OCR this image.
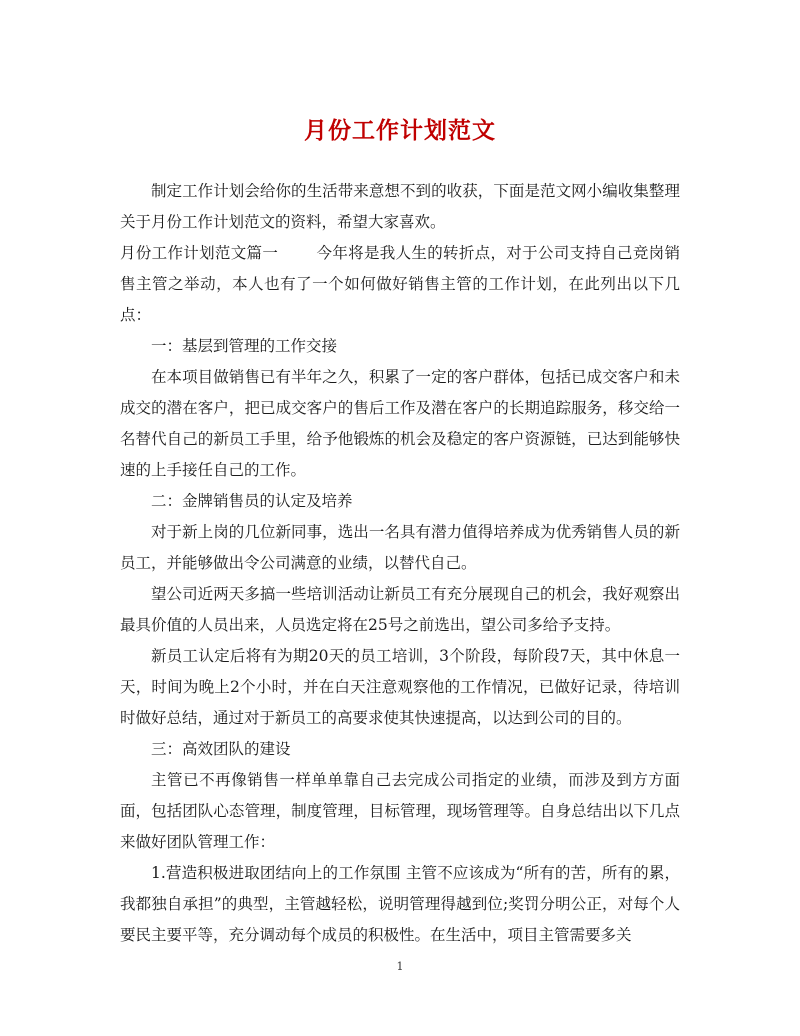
月份工作计划范文

制定工作计划会给你的生活带来意想不到的收获，下面是范文网小编收集整理关于月份工作计划范文的资料，希望大家喜欢。

月份工作计划范文篇一 今年将是我人生的转折点，对于公司支持自己竞岗销售主管之举动，本人也有了一个如何做好销售主管的工作计划，在此列出以下几点：

一：基层到管理的工作交接

在本项目做销售已有半年之久，积累了一定的客户群体，包括已成交客户和未成交的潜在客户，把已成交客户的售后工作及潜在客户的长期追踪服务，移交给一名替代自己的新员工手里，给予他锻炼的机会及稳定的客户资源链，已达到能够快速的上手接任自己的工作。

二：金牌销售员的认定及培养

对于新上岗的几位新同事，选出一名具有潜力值得培养成为优秀销售人员的新员工，并能够做出令公司满意的业绩，以替代自己。

望公司近两天多搞一些培训活动让新员工有充分展现自己的机会，我好观察出最具价值的人员出来，人员选定将在25号之前选出，望公司多给予支持。

新员工认定后将有为期20天的员工培训，3个阶段，每阶段7天，其中休息一天，时间为晚上2个小时，并在白天注意观察他的工作情况，已做好记录，待培训时做好总结，通过对于新员工的高要求使其快速提高，以达到公司的目的。

三：高效团队的建设

主管已不再像销售一样单单靠自己去完成公司指定的业绩，而涉及到方方面面，包括团队心态管理，制度管理，目标管理，现场管理等。自身总结出以下几点来做好团队管理工作：

1.营造积极进取团结向上的工作氛围 主管不应该成为“所有的苦，所有的累，我都独自承担”的典型，主管越轻松，说明管理得越到位;奖罚分明公正，对每个人要民主要平等，充分调动每个成员的积极性。在生活中，项目主管需要多关

1
